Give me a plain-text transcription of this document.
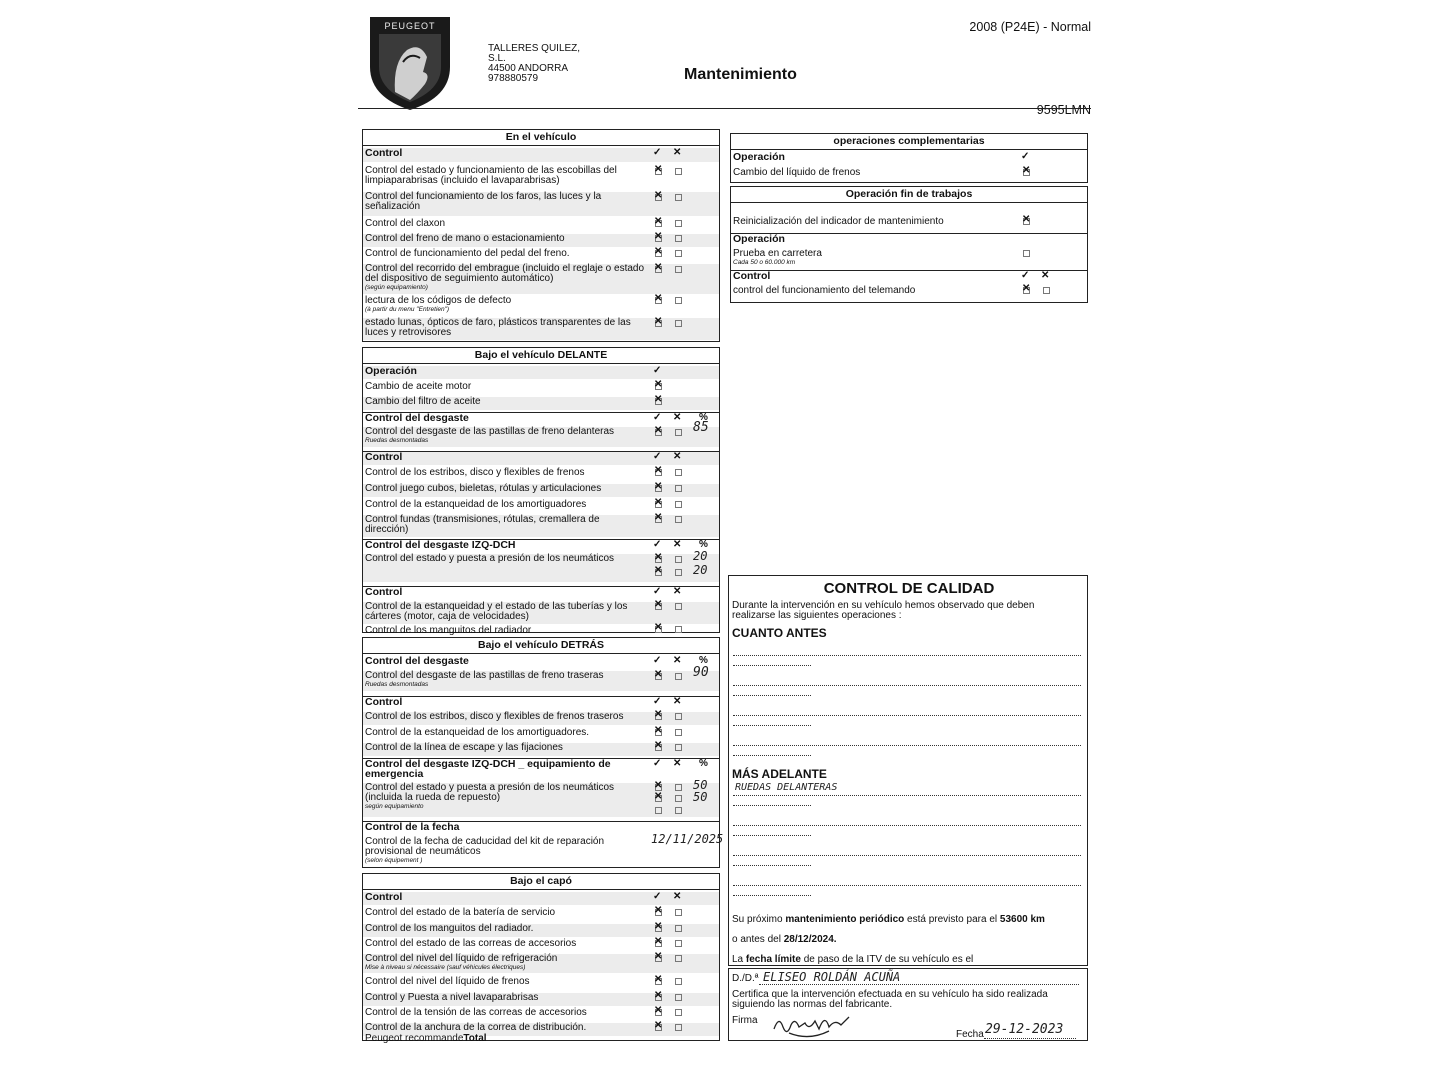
PEUGEOT
TALLERES QUILEZ,
S.L.
44500 ANDORRA
978880579	Mantenimiento
2008 (P24E) - Normal
9595LMN
En el vehículo
Control	✓ ✕
Control del estado y funcionamiento de las escobillas del limpiaparabrisas (incluido el lavaparabrisas)
✕
Control del funcionamiento de los faros, las luces y la señalización
✕
Control del claxon
✕
Control del freno de mano o estacionamiento
✕
Control de funcionamiento del pedal del freno.
✕
Control del recorrido del embrague (incluido el reglaje o estado del dispositivo de seguimiento automático)
(según equipamiento)
✕
lectura de los códigos de defecto
(à partir du menu "Entretien")
✕
estado lunas, ópticos de faro, plásticos transparentes de las luces y retrovisores
✕
Bajo el vehículo DELANTE
Operación	✓
Cambio de aceite motor
✕
Cambio del filtro de aceite
✕
Control del desgaste	✓ ✕ %
Control del desgaste de las pastillas de freno delanteras
Ruedas desmontadas
✕
85
Control	✓ ✕
Control de los estribos, disco y flexibles de frenos
✕
Control juego cubos, bieletas, rótulas y articulaciones
✕
Control de la estanqueidad de los amortiguadores
✕
Control fundas (transmisiones, rótulas, cremallera de dirección)
✕
Control del desgaste IZQ-DCH	✓ ✕ %
Control del estado y puesta a presión de los neumáticos
✕	20
✕
20
Control	✓ ✕
Control de la estanqueidad y el estado de las tuberías y los cárteres (motor, caja de velocidades)
✕
Control de los manguitos del radiador
✕
Bajo el vehículo DETRÁS
Control del desgaste	✓ ✕ %
Control del desgaste de las pastillas de freno traseras
Ruedas desmontadas
✕
90
Control	✓ ✕
Control de los estribos, disco y flexibles de frenos traseros
✕
Control de la estanqueidad de los amortiguadores.
✕
Control de la línea de escape y las fijaciones
✕
Control del desgaste IZQ-DCH _ equipamiento de emergencia
✓ ✕ %
Control del estado y puesta a presión de los neumáticos (incluida la rueda de repuesto)
según equipamiento
✕
50
✕
50
Control de la fecha
Control de la fecha de caducidad del kit de reparación provisional de neumáticos
(selon équipement )
12/11/2025
Bajo el capó
Control	✓ ✕
Control del estado de la batería de servicio
✕
Control de los manguitos del radiador.
✕
Control del estado de las correas de accesorios
✕
Control del nivel del líquido de refrigeración
Mise à niveau si nécessaire (sauf véhicules électriques)
✕
Control del nivel del líquido de frenos
✕
Control y Puesta a nivel lavaparabrisas
✕
Control de la tensión de las correas de accesorios
✕
Control de la anchura de la correa de distribución.
✕
Peugeot recommandeTotal
operaciones complementarias
Operación	✓
Cambio del líquido de frenos
✕
Operación fin de trabajos
Reinicialización del indicador de mantenimiento
✕
Operación
Prueba en carretera
Cada 50 o 60.000 km
Control	✓ ✕
control del funcionamiento del telemando
✕
CONTROL DE CALIDAD
Durante la intervención en su vehículo hemos observado que deben realizarse las siguientes operaciones :
CUANTO ANTES
MÁS ADELANTE
RUEDAS DELANTERAS
Su próximo mantenimiento periódico está previsto para el 53600 km
o antes del 28/12/2024.
La fecha límite de paso de la ITV de su vehículo es el
D./D.ª ELISEO ROLDÁN ACUÑA
Certifica que la intervención efectuada en su vehículo ha sido realizada siguiendo las normas del fabricante.
Firma
Fecha 29-12-2023
